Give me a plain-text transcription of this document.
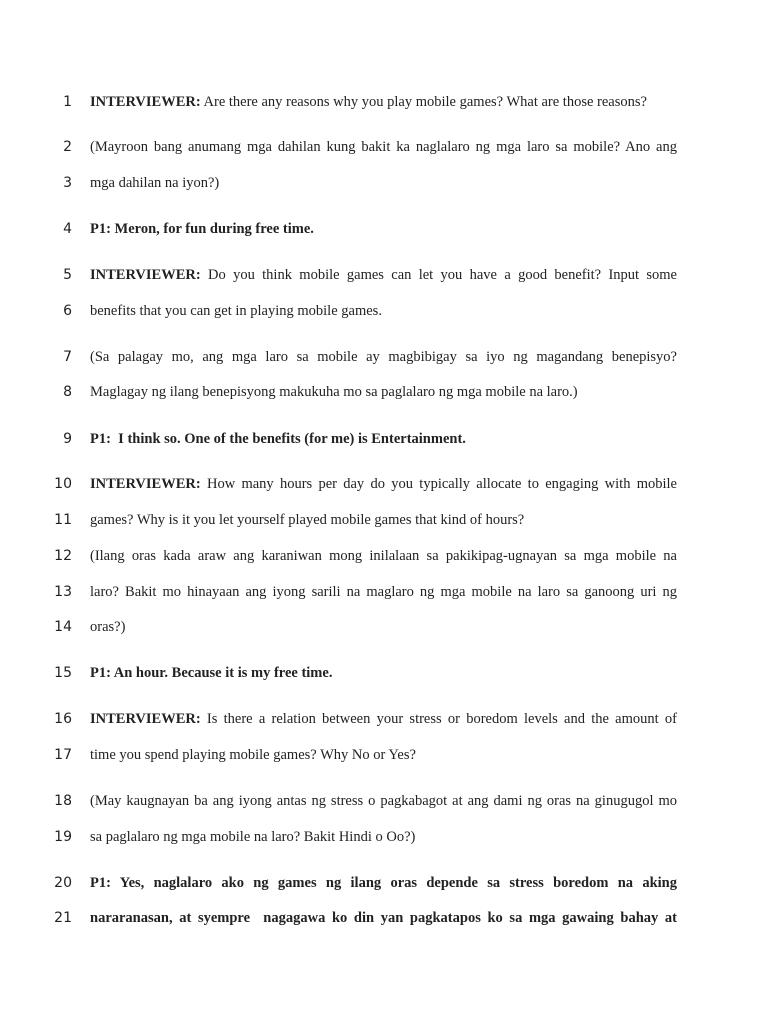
1 INTERVIEWER: Are there any reasons why you play mobile games? What are those reasons?
2 (Mayroon bang anumang mga dahilan kung bakit ka naglalaro ng mga laro sa mobile? Ano ang
3 mga dahilan na iyon?)
4 P1: Meron, for fun during free time.
5 INTERVIEWER: Do you think mobile games can let you have a good benefit? Input some
6 benefits that you can get in playing mobile games.
7 (Sa palagay mo, ang mga laro sa mobile ay magbibigay sa iyo ng magandang benepisyo?
8 Maglagay ng ilang benepisyong makukuha mo sa paglalaro ng mga mobile na laro.)
9 P1:  I think so. One of the benefits (for me) is Entertainment.
10 INTERVIEWER: How many hours per day do you typically allocate to engaging with mobile
11 games? Why is it you let yourself played mobile games that kind of hours?
12 (Ilang oras kada araw ang karaniwan mong inilalaan sa pakikipag-ugnayan sa mga mobile na
13 laro? Bakit mo hinayaan ang iyong sarili na maglaro ng mga mobile na laro sa ganoong uri ng
14 oras?)
15 P1: An hour. Because it is my free time.
16 INTERVIEWER: Is there a relation between your stress or boredom levels and the amount of
17 time you spend playing mobile games? Why No or Yes?
18 (May kaugnayan ba ang iyong antas ng stress o pagkabagot at ang dami ng oras na ginugugol mo
19 sa paglalaro ng mga mobile na laro? Bakit Hindi o Oo?)
20 P1: Yes, naglalaro ako ng games ng ilang oras depende sa stress boredom na aking
21 nararanasan, at syempre  nagagawa ko din yan pagkatapos ko sa mga gawaing bahay at
